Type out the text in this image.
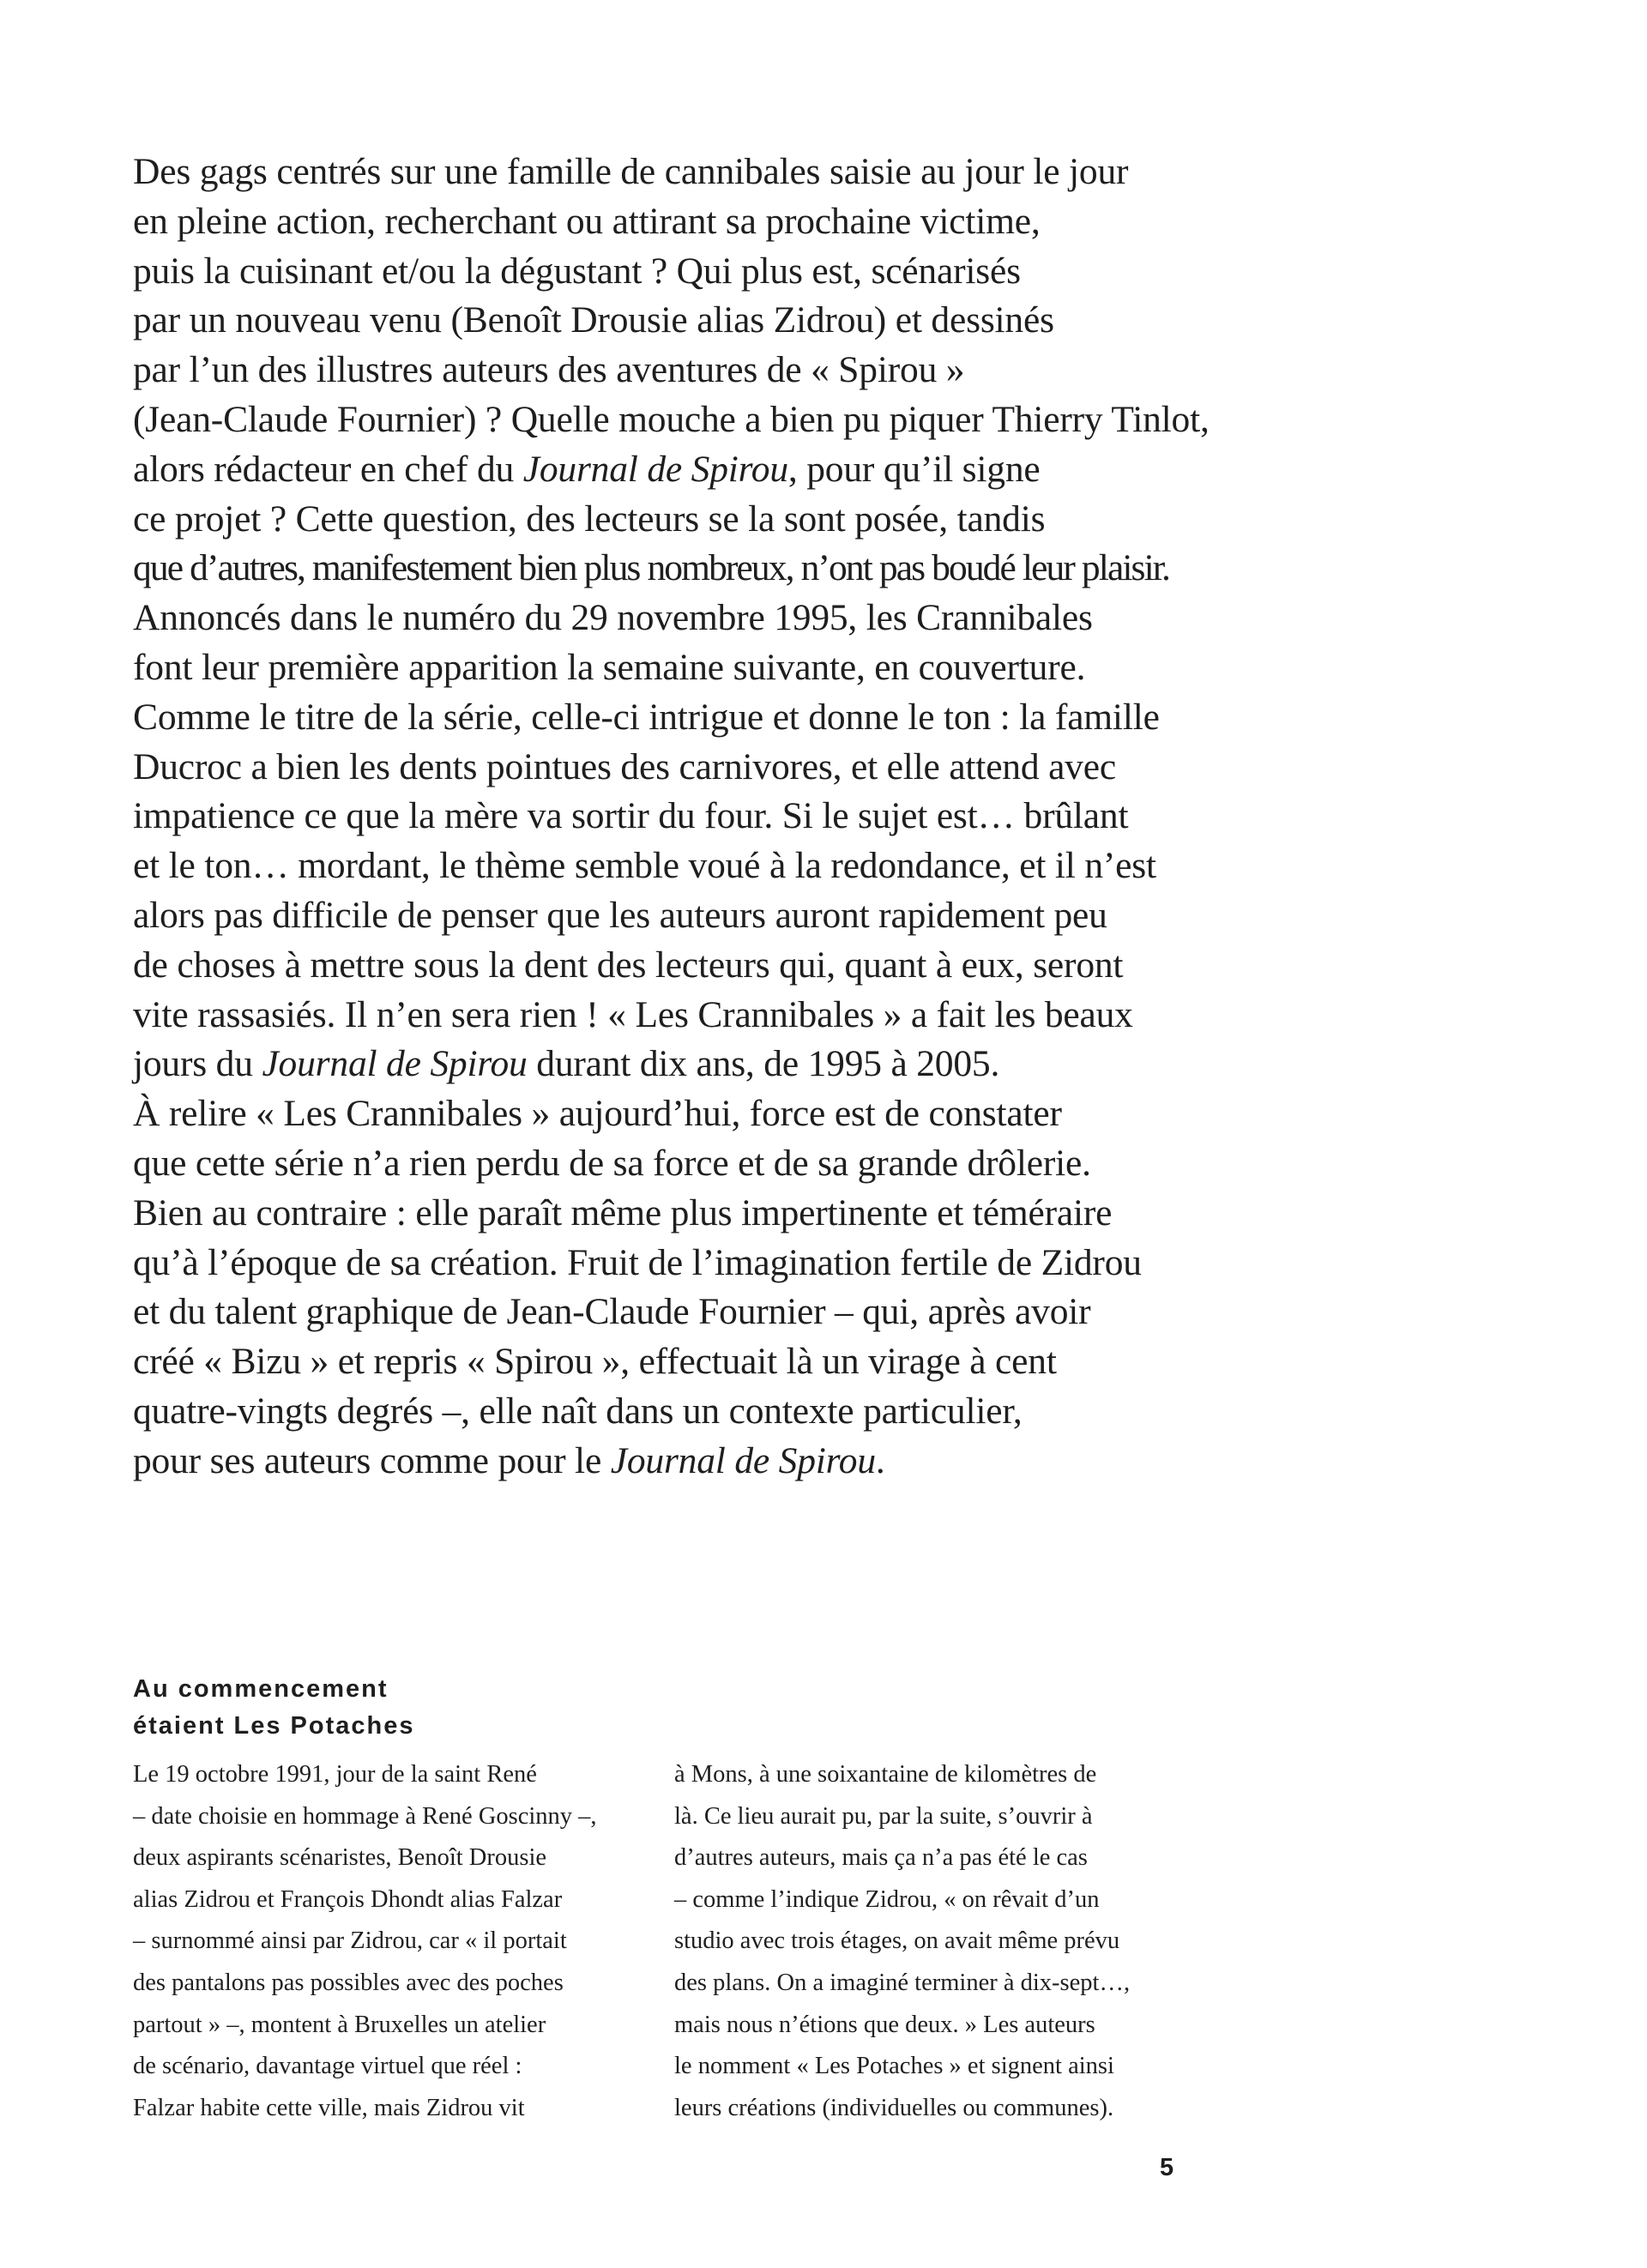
Des gags centrés sur une famille de cannibales saisie au jour le jour
en pleine action, recherchant ou attirant sa prochaine victime,
puis la cuisinant et/ou la dégustant ? Qui plus est, scénarisés
par un nouveau venu (Benoît Drousie alias Zidrou) et dessinés
par l’un des illustres auteurs des aventures de « Spirou »
(Jean-Claude Fournier) ? Quelle mouche a bien pu piquer Thierry Tinlot,
alors rédacteur en chef du Journal de Spirou, pour qu’il signe
ce projet ? Cette question, des lecteurs se la sont posée, tandis
que d’autres, manifestement bien plus nombreux, n’ont pas boudé leur plaisir.
Annoncés dans le numéro du 29 novembre 1995, les Crannibales
font leur première apparition la semaine suivante, en couverture.
Comme le titre de la série, celle-ci intrigue et donne le ton : la famille
Ducroc a bien les dents pointues des carnivores, et elle attend avec
impatience ce que la mère va sortir du four. Si le sujet est… brûlant
et le ton… mordant, le thème semble voué à la redondance, et il n’est
alors pas difficile de penser que les auteurs auront rapidement peu
de choses à mettre sous la dent des lecteurs qui, quant à eux, seront
vite rassasiés. Il n’en sera rien ! « Les Crannibales » a fait les beaux
jours du Journal de Spirou durant dix ans, de 1995 à 2005.
À relire « Les Crannibales » aujourd’hui, force est de constater
que cette série n’a rien perdu de sa force et de sa grande drôlerie.
Bien au contraire : elle paraît même plus impertinente et téméraire
qu’à l’époque de sa création. Fruit de l’imagination fertile de Zidrou
et du talent graphique de Jean-Claude Fournier – qui, après avoir
créé « Bizu » et repris « Spirou », effectuait là un virage à cent
quatre-vingts degrés –, elle naît dans un contexte particulier,
pour ses auteurs comme pour le Journal de Spirou.

Au commencement
étaient Les Potaches

Le 19 octobre 1991, jour de la saint René
– date choisie en hommage à René Goscinny –,
deux aspirants scénaristes, Benoît Drousie
alias Zidrou et François Dhondt alias Falzar
– surnommé ainsi par Zidrou, car « il portait
des pantalons pas possibles avec des poches
partout » –, montent à Bruxelles un atelier
de scénario, davantage virtuel que réel :
Falzar habite cette ville, mais Zidrou vit

à Mons, à une soixantaine de kilomètres de
là. Ce lieu aurait pu, par la suite, s’ouvrir à
d’autres auteurs, mais ça n’a pas été le cas
– comme l’indique Zidrou, « on rêvait d’un
studio avec trois étages, on avait même prévu
des plans. On a imaginé terminer à dix-sept…,
mais nous n’étions que deux. » Les auteurs
le nomment « Les Potaches » et signent ainsi
leurs créations (individuelles ou communes).

5
